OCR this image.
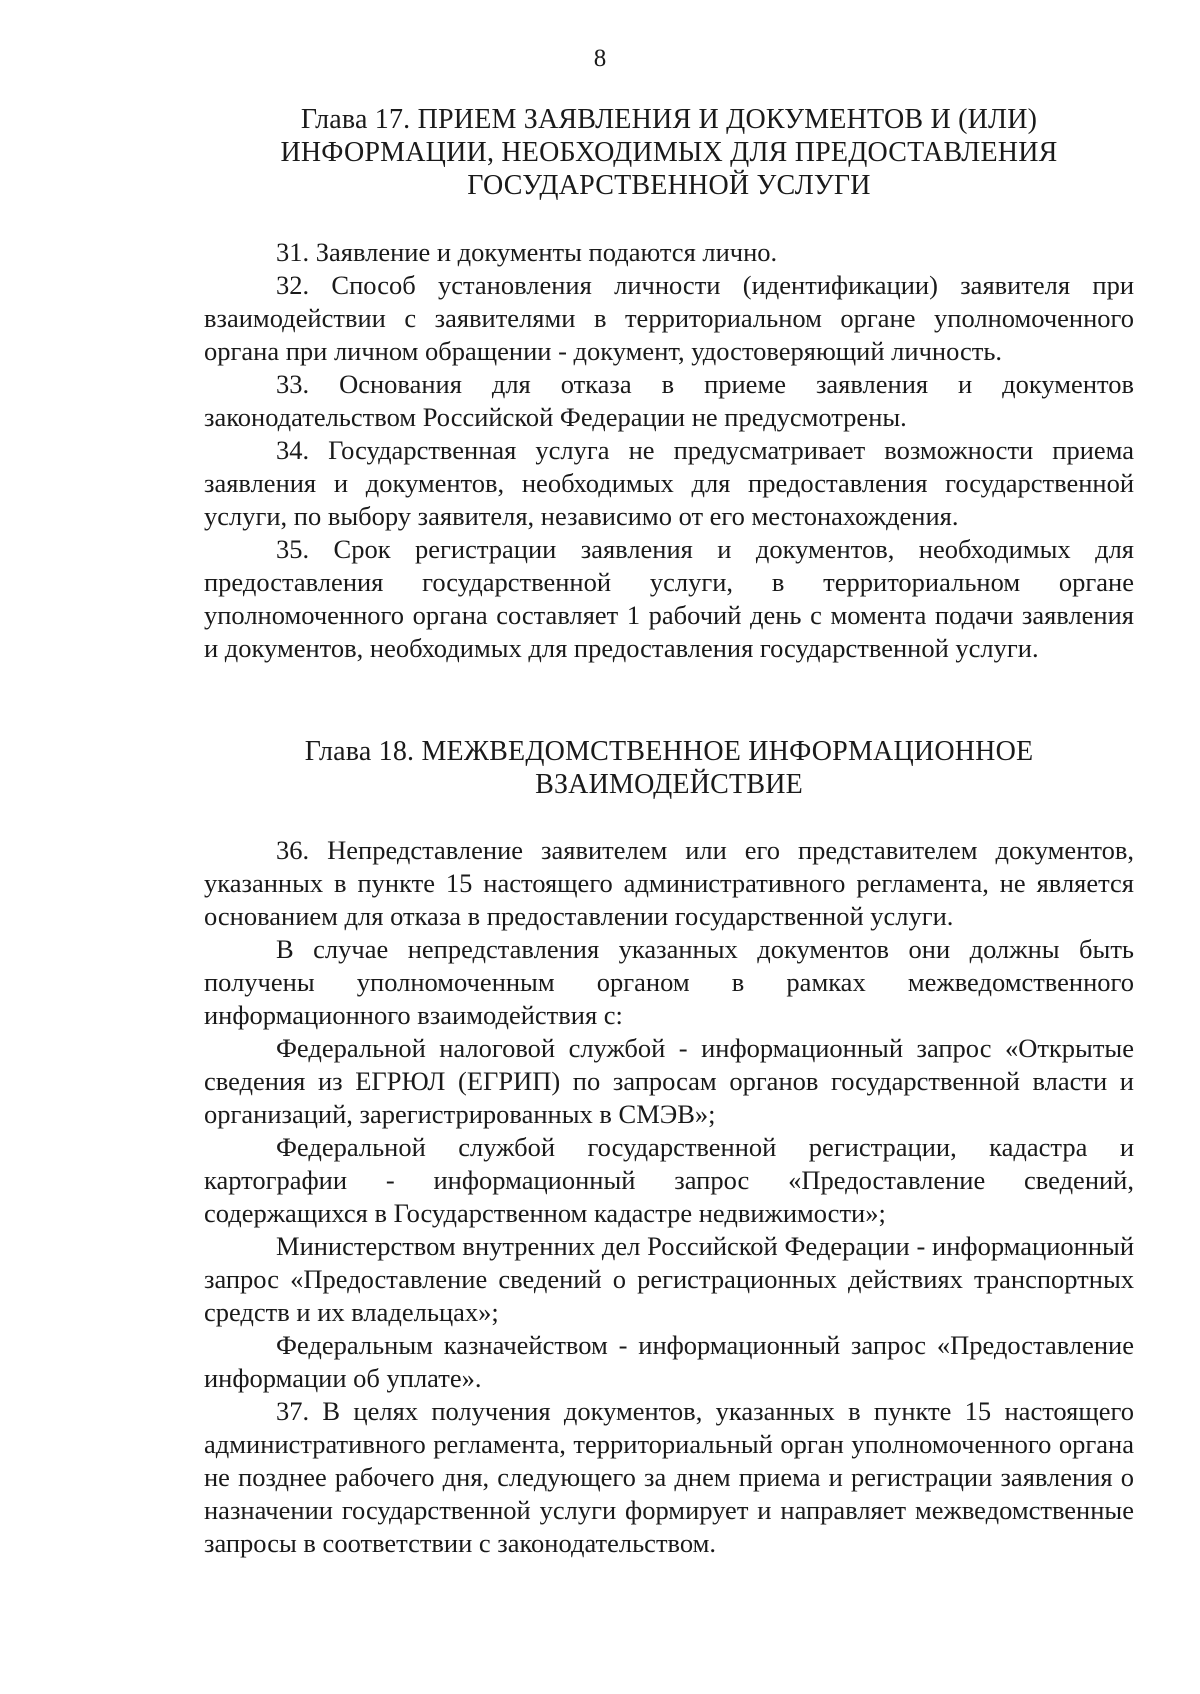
8
Глава 17. ПРИЕМ ЗАЯВЛЕНИЯ И ДОКУМЕНТОВ И (ИЛИ)
ИНФОРМАЦИИ, НЕОБХОДИМЫХ ДЛЯ ПРЕДОСТАВЛЕНИЯ
ГОСУДАРСТВЕННОЙ УСЛУГИ

31. Заявление и документы подаются лично.

32. Способ установления личности (идентификации) заявителя при взаимодействии с заявителями в территориальном органе уполномоченного органа при личном обращении - документ, удостоверяющий личность.

33. Основания для отказа в приеме заявления и документов законодательством Российской Федерации не предусмотрены.

34. Государственная услуга не предусматривает возможности приема заявления и документов, необходимых для предоставления государственной услуги, по выбору заявителя, независимо от его местонахождения.

35. Срок регистрации заявления и документов, необходимых для предоставления государственной услуги, в территориальном органе уполномоченного органа составляет 1 рабочий день с момента подачи заявления и документов, необходимых для предоставления государственной услуги.

Глава 18. МЕЖВЕДОМСТВЕННОЕ ИНФОРМАЦИОННОЕ
ВЗАИМОДЕЙСТВИЕ

36. Непредставление заявителем или его представителем документов, указанных в пункте 15 настоящего административного регламента, не является основанием для отказа в предоставлении государственной услуги.

В случае непредставления указанных документов они должны быть получены уполномоченным органом в рамках межведомственного информационного взаимодействия с:

Федеральной налоговой службой - информационный запрос «Открытые сведения из ЕГРЮЛ (ЕГРИП) по запросам органов государственной власти и организаций, зарегистрированных в СМЭВ»;

Федеральной службой государственной регистрации, кадастра и картографии - информационный запрос «Предоставление сведений, содержащихся в Государственном кадастре недвижимости»;

Министерством внутренних дел Российской Федерации - информационный запрос «Предоставление сведений о регистрационных действиях транспортных средств и их владельцах»;

Федеральным казначейством - информационный запрос «Предоставление информации об уплате».

37. В целях получения документов, указанных в пункте 15 настоящего административного регламента, территориальный орган уполномоченного органа не позднее рабочего дня, следующего за днем приема и регистрации заявления о назначении государственной услуги формирует и направляет межведомственные запросы в соответствии с законодательством.
